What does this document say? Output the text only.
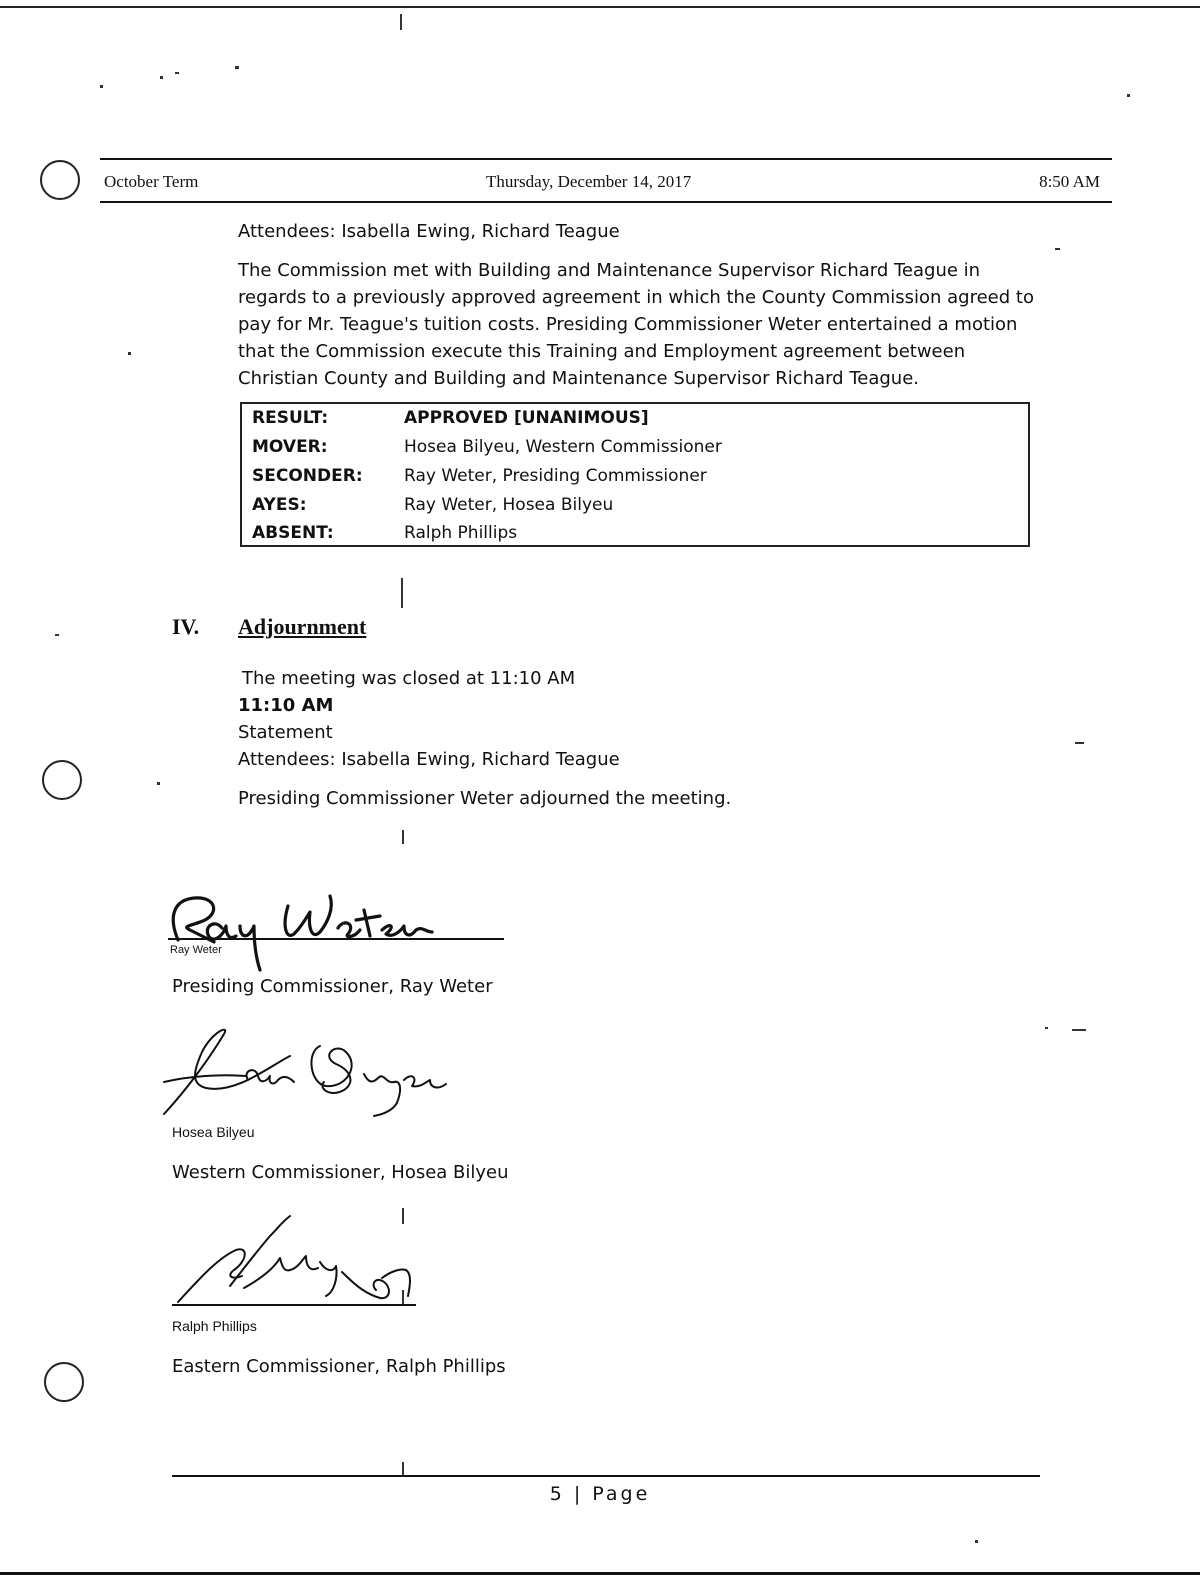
October Term	Thursday, December 14, 2017	8:50 AM
Attendees: Isabella Ewing, Richard Teague
The Commission met with Building and Maintenance Supervisor Richard Teague in regards to a previously approved agreement in which the County Commission agreed to pay for Mr. Teague's tuition costs. Presiding Commissioner Weter entertained a motion that the Commission execute this Training and Employment agreement between Christian County and Building and Maintenance Supervisor Richard Teague.
RESULT:	APPROVED [UNANIMOUS]
MOVER:	Hosea Bilyeu, Western Commissioner
SECONDER: Ray Weter, Presiding Commissioner
AYES:	Ray Weter, Hosea Bilyeu
ABSENT:	Ralph Phillips
IV. Adjournment
The meeting was closed at 11:10 AM
11:10 AM
Statement
Attendees: Isabella Ewing, Richard Teague
Presiding Commissioner Weter adjourned the meeting.
Ray Weter
Presiding Commissioner, Ray Weter
Hosea Bilyeu
Western Commissioner, Hosea Bilyeu
Ralph Phillips
Eastern Commissioner, Ralph Phillips
5 | Page
